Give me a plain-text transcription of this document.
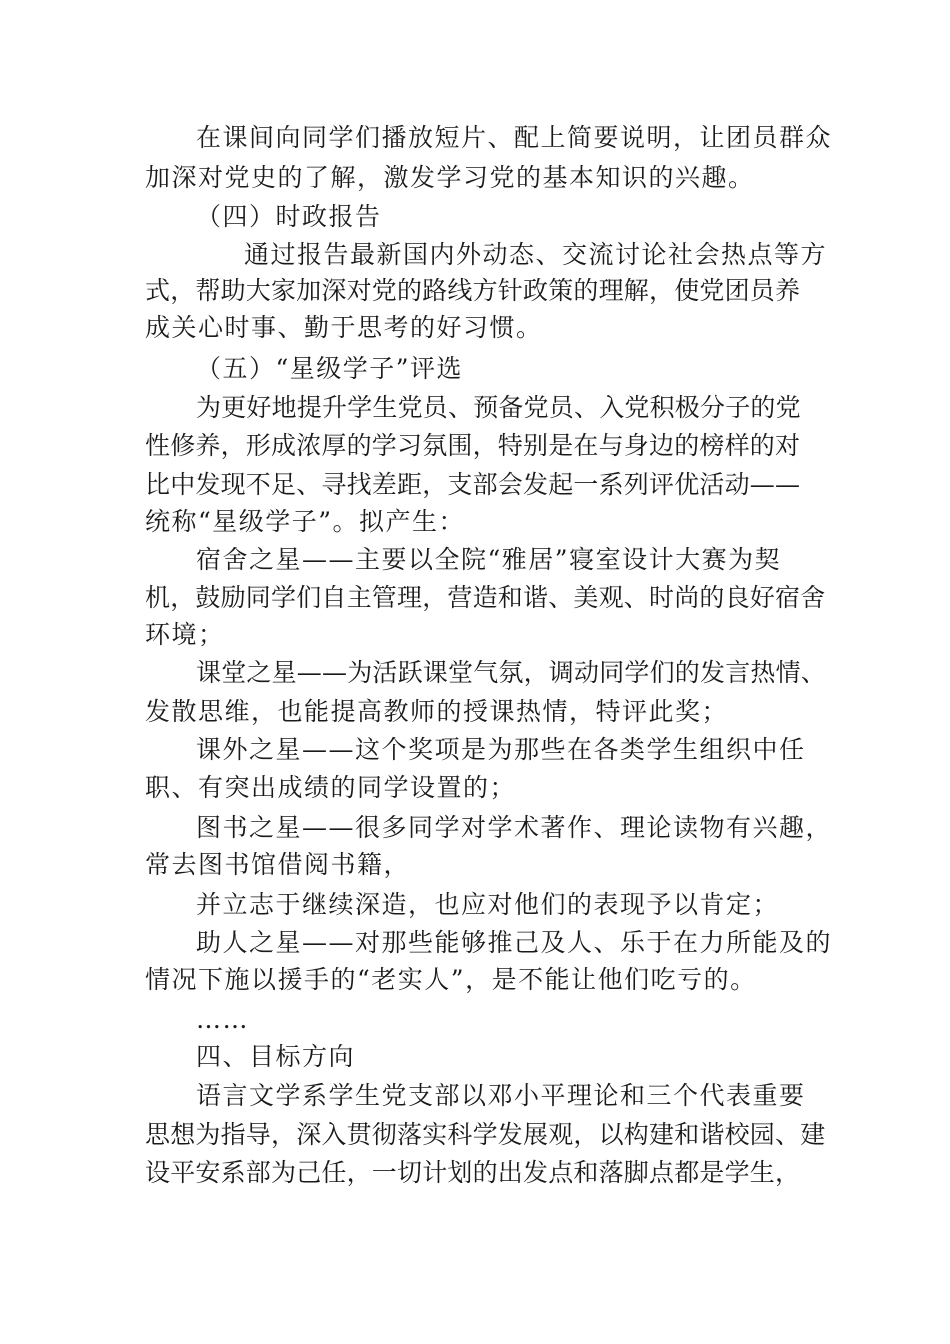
在课间向同学们播放短片、配上简要说明，让团员群众
加深对党史的了解，激发学习党的基本知识的兴趣。
（四）时政报告
通过报告最新国内外动态、交流讨论社会热点等方
式，帮助大家加深对党的路线方针政策的理解，使党团员养
成关心时事、勤于思考的好习惯。
（五）“星级学子”评选
为更好地提升学生党员、预备党员、入党积极分子的党
性修养，形成浓厚的学习氛围，特别是在与身边的榜样的对
比中发现不足、寻找差距，支部会发起一系列评优活动——
统称“星级学子”。拟产生：
宿舍之星——主要以全院“雅居”寝室设计大赛为契
机，鼓励同学们自主管理，营造和谐、美观、时尚的良好宿舍
环境；
课堂之星——为活跃课堂气氛，调动同学们的发言热情、
发散思维，也能提高教师的授课热情，特评此奖；
课外之星——这个奖项是为那些在各类学生组织中任
职、有突出成绩的同学设置的；
图书之星——很多同学对学术著作、理论读物有兴趣，
常去图书馆借阅书籍，
并立志于继续深造，也应对他们的表现予以肯定；
助人之星——对那些能够推己及人、乐于在力所能及的
情况下施以援手的“老实人”，是不能让他们吃亏的。
……
四、目标方向
语言文学系学生党支部以邓小平理论和三个代表重要
思想为指导，深入贯彻落实科学发展观，以构建和谐校园、建
设平安系部为己任，一切计划的出发点和落脚点都是学生，
